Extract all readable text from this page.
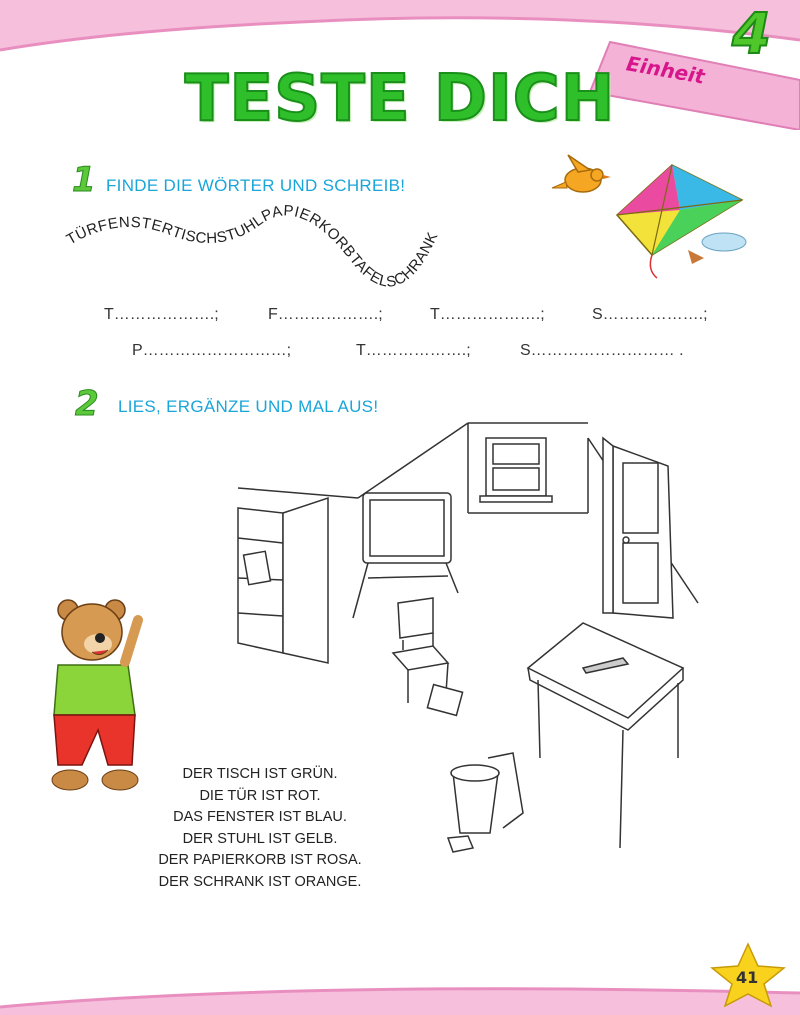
Einheit
4
TESTE DICH
1 FINDE DIE WÖRTER UND SCHREIB!
TÜRFENSTERTISCHSTUHLPAPIERKORBTAFELSCHRANK
T……………….;	F……………….;	T……………….;	S……………….;
P………………………;	T……………….;	S……………………… .
2 LIES, ERGÄNZE UND MAL AUS!
DER TISCH IST GRÜN.
DIE TÜR IST ROT.
DAS FENSTER IST BLAU.
DER STUHL IST GELB.
DER PAPIERKORB IST ROSA.
DER SCHRANK IST ORANGE.
41
